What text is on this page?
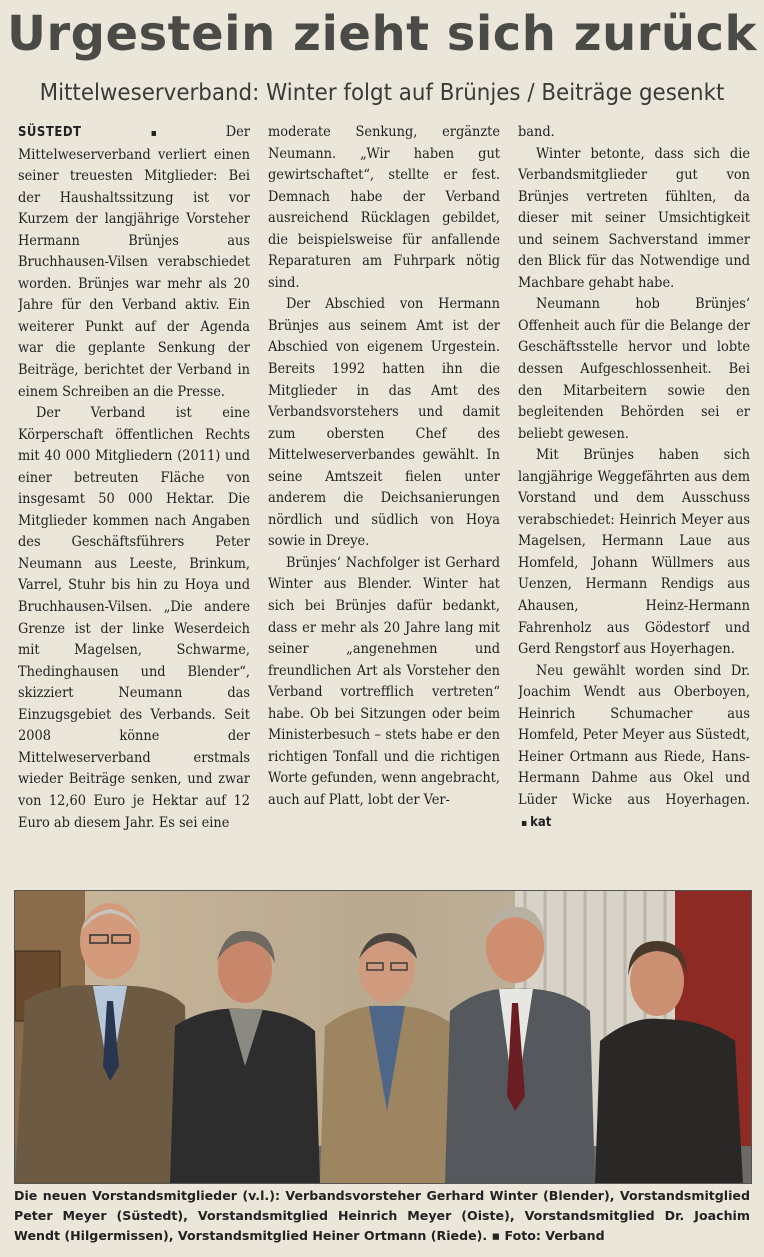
Urgestein zieht sich zurück
Mittelweserverband: Winter folgt auf Brünjes / Beiträge gesenkt

SÜSTEDT ▪ Der Mittelweserverband verliert einen seiner treuesten Mitglieder: Bei der Haushaltssitzung ist vor Kurzem der langjährige Vorsteher Hermann Brünjes aus Bruchhausen-Vilsen verabschiedet worden. Brünjes war mehr als 20 Jahre für den Verband aktiv. Ein weiterer Punkt auf der Agenda war die geplante Senkung der Beiträge, berichtet der Verband in einem Schreiben an die Presse.

Der Verband ist eine Körperschaft öffentlichen Rechts mit 40 000 Mitgliedern (2011) und einer betreuten Fläche von insgesamt 50 000 Hektar. Die Mitglieder kommen nach Angaben des Geschäftsführers Peter Neumann aus Leeste, Brinkum, Varrel, Stuhr bis hin zu Hoya und Bruchhausen-Vilsen. „Die andere Grenze ist der linke Weserdeich mit Magelsen, Schwarme, Thedinghausen und Blender“, skizziert Neumann das Einzugsgebiet des Verbands. Seit 2008 könne der Mittelweserverband erstmals wieder Beiträge senken, und zwar von 12,60 Euro je Hektar auf 12 Euro ab diesem Jahr. Es sei eine

moderate Senkung, ergänzte Neumann. „Wir haben gut gewirtschaftet“, stellte er fest. Demnach habe der Verband ausreichend Rücklagen gebildet, die beispielsweise für anfallende Reparaturen am Fuhrpark nötig sind.

Der Abschied von Hermann Brünjes aus seinem Amt ist der Abschied von eigenem Urgestein. Bereits 1992 hatten ihn die Mitglieder in das Amt des Verbandsvorstehers und damit zum obersten Chef des Mittelweserverbandes gewählt. In seine Amtszeit fielen unter anderem die Deichsanierungen nördlich und südlich von Hoya sowie in Dreye.

Brünjes‘ Nachfolger ist Gerhard Winter aus Blender. Winter hat sich bei Brünjes dafür bedankt, dass er mehr als 20 Jahre lang mit seiner „angenehmen und freundlichen Art als Vorsteher den Verband vortrefflich vertreten“ habe. Ob bei Sitzungen oder beim Ministerbesuch – stets habe er den richtigen Tonfall und die richtigen Worte gefunden, wenn angebracht, auch auf Platt, lobt der Ver-

band.

Winter betonte, dass sich die Verbandsmitglieder gut von Brünjes vertreten fühlten, da dieser mit seiner Umsichtigkeit und seinem Sachverstand immer den Blick für das Notwendige und Machbare gehabt habe.

Neumann hob Brünjes‘ Offenheit auch für die Belange der Geschäftsstelle hervor und lobte dessen Aufgeschlossenheit. Bei den Mitarbeitern sowie den begleitenden Behörden sei er beliebt gewesen.

Mit Brünjes haben sich langjährige Weggefährten aus dem Vorstand und dem Ausschuss verabschiedet: Heinrich Meyer aus Magelsen, Hermann Laue aus Homfeld, Johann Wüllmers aus Uenzen, Hermann Rendigs aus Ahausen, Heinz-Hermann Fahrenholz aus Gödestorf und Gerd Rengstorf aus Hoyerhagen.

Neu gewählt worden sind Dr. Joachim Wendt aus Oberboyen, Heinrich Schumacher aus Homfeld, Peter Meyer aus Süstedt, Heiner Ortmann aus Riede, Hans-Hermann Dahme aus Okel und Lüder Wicke aus Hoyerhagen. ▪ kat

Die neuen Vorstandsmitglieder (v.l.): Verbandsvorsteher Gerhard Winter (Blender), Vorstandsmitglied Peter Meyer (Süstedt), Vorstandsmitglied Heinrich Meyer (Oiste), Vorstandsmitglied Dr. Joachim Wendt (Hilgermissen), Vorstandsmitglied Heiner Ortmann (Riede). ▪ Foto: Verband
